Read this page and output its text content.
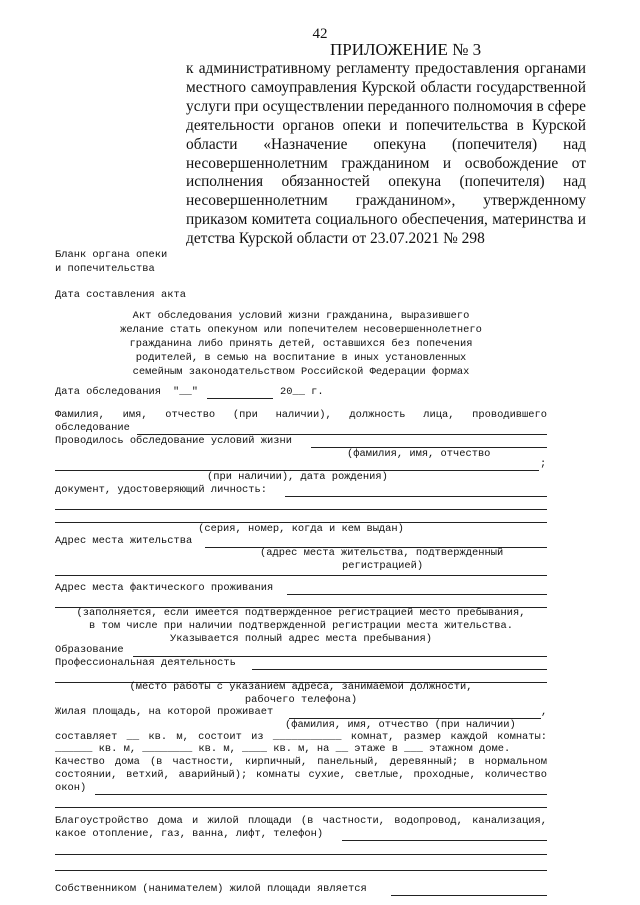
42
ПРИЛОЖЕНИЕ № 3
к административному регламенту предоставления органами
местного самоуправления Курской области государственной
услуги при осуществлении переданного полномочия в сфере
деятельности органов опеки и попечительства в Курской
области «Назначение опекуна (попечителя) над
несовершеннолетним гражданином и освобождение от
исполнения обязанностей опекуна (попечителя) над
несовершеннолетним гражданином», утвержденному
приказом комитета социального обеспечения, материнства и
детства Курской области от 23.07.2021 № 298
Бланк органа опеки
и попечительства
Дата составления акта
Акт обследования условий жизни гражданина, выразившего
желание стать опекуном или попечителем несовершеннолетнего
гражданина либо принять детей, оставшихся без попечения
родителей, в семью на воспитание в иных установленных
семейным законодательством Российской Федерации формах
Дата обследования "__"	20__ г.
Фамилия, имя, отчество (при наличии), должность лица, проводившего
обследование
Проводилось обследование условий жизни
(фамилия, имя, отчество
;
(при наличии), дата рождения)
документ, удостоверяющий личность:
(серия, номер, когда и кем выдан)
Адрес места жительства
(адрес места жительства, подтвержденный
регистрацией)
Адрес места фактического проживания
(заполняется, если имеется подтвержденное регистрацией место пребывания,
в том числе при наличии подтвержденной регистрации места жительства.
Указывается полный адрес места пребывания)
Образование
Профессиональная деятельность
(место работы с указанием адреса, занимаемой должности,
рабочего телефона)
Жилая площадь, на которой проживает	,
(фамилия, имя, отчество (при наличии)
составляет __ кв. м, состоит из ___________ комнат, размер каждой комнаты:
______ кв. м, ________ кв. м, ____ кв. м, на __ этаже в ___ этажном доме.
Качество дома (в частности, кирпичный, панельный, деревянный; в нормальном
состоянии, ветхий, аварийный); комнаты сухие, светлые, проходные, количество
окон)
Благоустройство дома и жилой площади (в частности, водопровод, канализация,
какое отопление, газ, ванна, лифт, телефон)
Собственником (нанимателем) жилой площади является
